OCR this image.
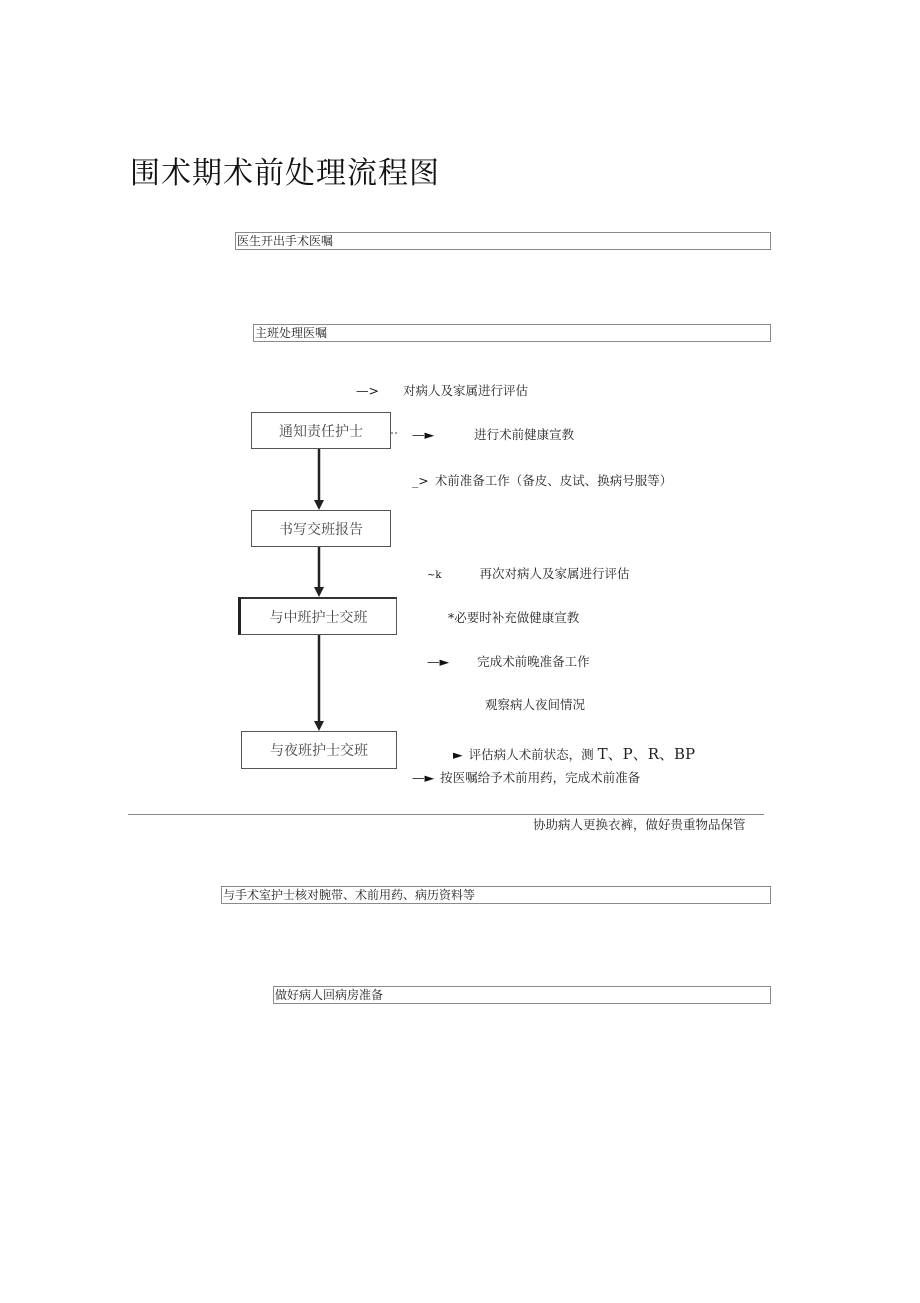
围术期术前处理流程图
医生开出手术医嘱
主班处理医嘱
通知责任护士
书写交班报告
与中班护士交班
与夜班护士交班
—> 对病人及家属进行评估
—►	进行术前健康宣教
_> 术前准备工作（备皮、皮试、换病号服等）
~k	再次对病人及家属进行评估
*必要时补充做健康宣教
—► 完成术前晚准备工作
观察病人夜间情况
► 评估病人术前状态，测 T、P、R、BP
—► 按医嘱给予术前用药，完成术前准备
协助病人更换衣裤，做好贵重物品保管
与手术室护士核对腕带、术前用药、病历资料等
做好病人回病房准备
